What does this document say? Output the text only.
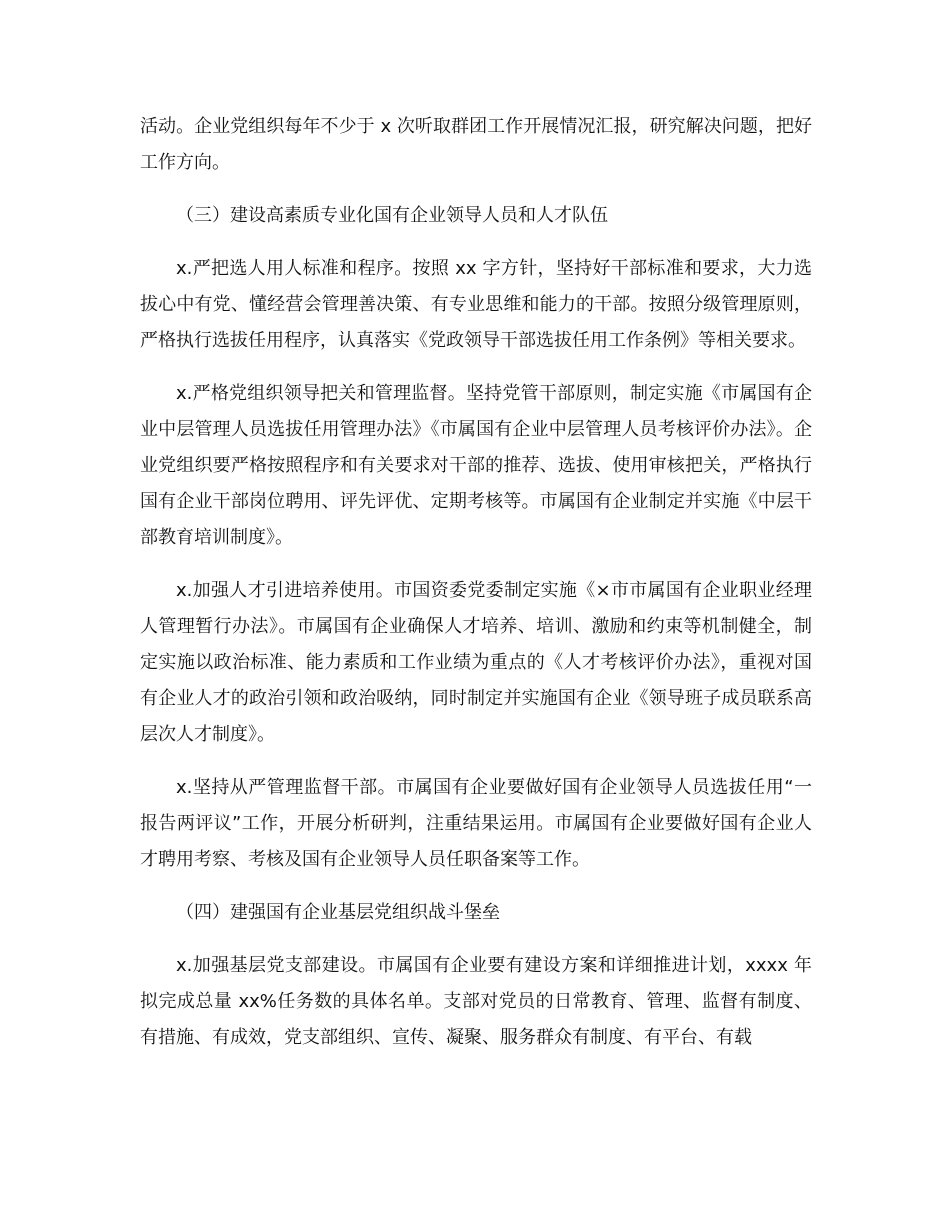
活动。企业党组织每年不少于 x 次听取群团工作开展情况汇报，研究解决问题，把好工作方向。

（三）建设高素质专业化国有企业领导人员和人才队伍

x.严把选人用人标准和程序。按照 xx 字方针，坚持好干部标准和要求，大力选拔心中有党、懂经营会管理善决策、有专业思维和能力的干部。按照分级管理原则，严格执行选拔任用程序，认真落实《党政领导干部选拔任用工作条例》等相关要求。

x.严格党组织领导把关和管理监督。坚持党管干部原则，制定实施《市属国有企业中层管理人员选拔任用管理办法》《市属国有企业中层管理人员考核评价办法》。企业党组织要严格按照程序和有关要求对干部的推荐、选拔、使用审核把关，严格执行国有企业干部岗位聘用、评先评优、定期考核等。市属国有企业制定并实施《中层干部教育培训制度》。

x.加强人才引进培养使用。市国资委党委制定实施《×市市属国有企业职业经理人管理暂行办法》。市属国有企业确保人才培养、培训、激励和约束等机制健全，制定实施以政治标准、能力素质和工作业绩为重点的《人才考核评价办法》，重视对国有企业人才的政治引领和政治吸纳，同时制定并实施国有企业《领导班子成员联系高层次人才制度》。

x.坚持从严管理监督干部。市属国有企业要做好国有企业领导人员选拔任用“一报告两评议”工作，开展分析研判，注重结果运用。市属国有企业要做好国有企业人才聘用考察、考核及国有企业领导人员任职备案等工作。

（四）建强国有企业基层党组织战斗堡垒

x.加强基层党支部建设。市属国有企业要有建设方案和详细推进计划，xxxx 年拟完成总量 xx%任务数的具体名单。支部对党员的日常教育、管理、监督有制度、有措施、有成效，党支部组织、宣传、凝聚、服务群众有制度、有平台、有载
